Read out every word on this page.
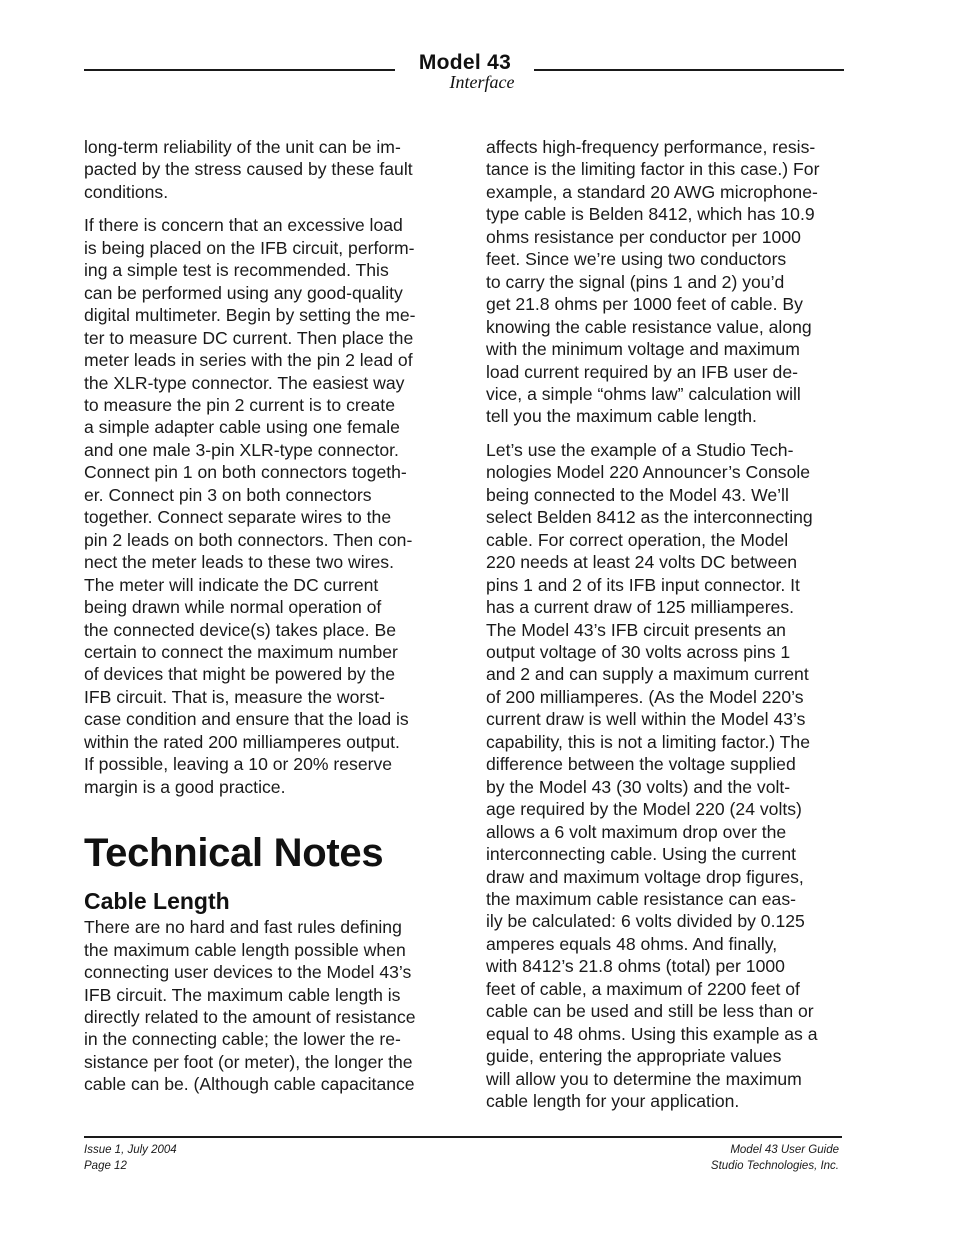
Model 43
Interface

long-term reliability of the unit can be im-
pacted by the stress caused by these fault
conditions.

If there is concern that an excessive load
is being placed on the IFB circuit, perform-
ing a simple test is recommended. This
can be performed using any good-quality
digital multimeter. Begin by setting the me-
ter to measure DC current. Then place the
meter leads in series with the pin 2 lead of
the XLR-type connector. The easiest way
to measure the pin 2 current is to create
a simple adapter cable using one female
and one male 3-pin XLR-type connector.
Connect pin 1 on both connectors togeth-
er. Connect pin 3 on both connectors
together. Connect separate wires to the
pin 2 leads on both connectors. Then con-
nect the meter leads to these two wires.
The meter will indicate the DC current
being drawn while normal operation of
the connected device(s) takes place. Be
certain to connect the maximum number
of devices that might be powered by the
IFB circuit. That is, measure the worst-
case condition and ensure that the load is
within the rated 200 milliamperes output.
If possible, leaving a 10 or 20% reserve
margin is a good practice.

Technical Notes
Cable Length

There are no hard and fast rules defining
the maximum cable length possible when
connecting user devices to the Model 43’s
IFB circuit. The maximum cable length is
directly related to the amount of resistance
in the connecting cable; the lower the re-
sistance per foot (or meter), the longer the
cable can be. (Although cable capacitance

affects high-frequency performance, resis-
tance is the limiting factor in this case.) For
example, a standard 20 AWG microphone-
type cable is Belden 8412, which has 10.9
ohms resistance per conductor per 1000
feet. Since we’re using two conductors
to carry the signal (pins 1 and 2) you’d
get 21.8 ohms per 1000 feet of cable. By
knowing the cable resistance value, along
with the minimum voltage and maximum
load current required by an IFB user de-
vice, a simple “ohms law” calculation will
tell you the maximum cable length.

Let’s use the example of a Studio Tech-
nologies Model 220 Announcer’s Console
being connected to the Model 43. We’ll
select Belden 8412 as the interconnecting
cable. For correct operation, the Model
220 needs at least 24 volts DC between
pins 1 and 2 of its IFB input connector. It
has a current draw of 125 milliamperes.
The Model 43’s IFB circuit presents an
output voltage of 30 volts across pins 1
and 2 and can supply a maximum current
of 200 milliamperes. (As the Model 220’s
current draw is well within the Model 43’s
capability, this is not a limiting factor.) The
difference between the voltage supplied
by the Model 43 (30 volts) and the volt-
age required by the Model 220 (24 volts)
allows a 6 volt maximum drop over the
interconnecting cable. Using the current
draw and maximum voltage drop figures,
the maximum cable resistance can eas-
ily be calculated: 6 volts divided by 0.125
amperes equals 48 ohms. And finally,
with 8412’s 21.8 ohms (total) per 1000
feet of cable, a maximum of 2200 feet of
cable can be used and still be less than or
equal to 48 ohms. Using this example as a
guide, entering the appropriate values
will allow you to determine the maximum
cable length for your application.

Issue 1, July 2004
Page 12
Model 43 User Guide
Studio Technologies, Inc.
